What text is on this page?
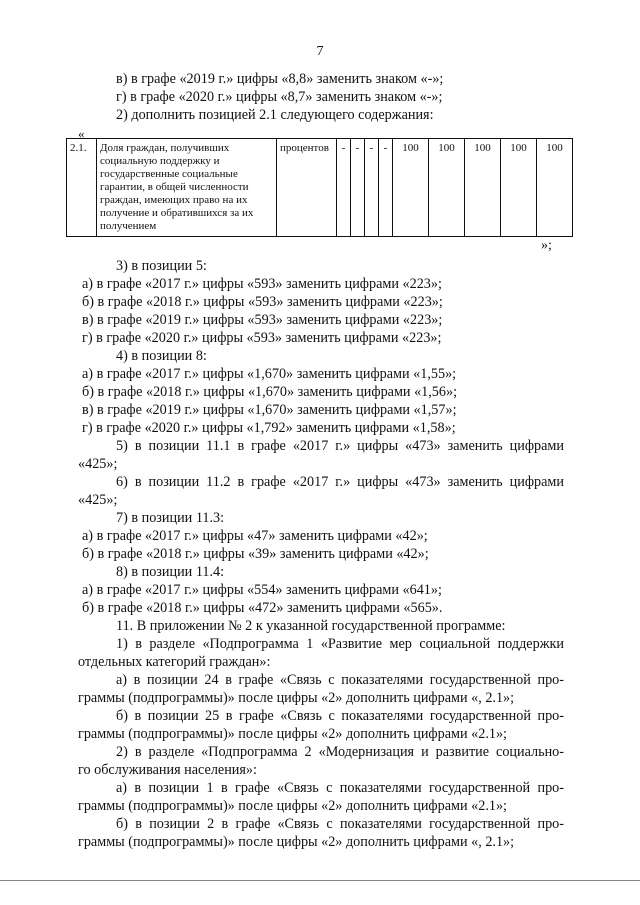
7
в) в графе «2019 г.» цифры «8,8» заменить знаком «-»;
г) в графе «2020 г.» цифры «8,7» заменить знаком «-»;
2) дополнить позицией 2.1 следующего содержания:
«
2.1.	Доля граждан, получивших социальную поддержку и государственные социальные гарантии, в общей численности граждан, имеющих право на их получение и обратившихся за их получением	процентов	-	-	-	-	100	100	100	100	100
»;
3) в позиции 5:
а) в графе «2017 г.» цифры «593» заменить цифрами «223»;
б) в графе «2018 г.» цифры «593» заменить цифрами «223»;
в) в графе «2019 г.» цифры «593» заменить цифрами «223»;
г) в графе «2020 г.» цифры «593» заменить цифрами «223»;
4) в позиции 8:
а) в графе «2017 г.» цифры «1,670» заменить цифрами «1,55»;
б) в графе «2018 г.» цифры «1,670» заменить цифрами «1,56»;
в) в графе «2019 г.» цифры «1,670» заменить цифрами «1,57»;
г) в графе «2020 г.» цифры «1,792» заменить цифрами «1,58»;
5) в позиции 11.1 в графе «2017 г.» цифры «473» заменить цифрами
«425»;
6) в позиции 11.2 в графе «2017 г.» цифры «473» заменить цифрами
«425»;
7) в позиции 11.3:
а) в графе «2017 г.» цифры «47» заменить цифрами «42»;
б) в графе «2018 г.» цифры «39» заменить цифрами «42»;
8) в позиции 11.4:
а) в графе «2017 г.» цифры «554» заменить цифрами «641»;
б) в графе «2018 г.» цифры «472» заменить цифрами «565».
11. В приложении № 2 к указанной государственной программе:
1) в разделе «Подпрограмма 1 «Развитие мер социальной поддержки
отдельных категорий граждан»:
а) в позиции 24 в графе «Связь с показателями государственной про-
граммы (подпрограммы)» после цифры «2» дополнить цифрами «, 2.1»;
б) в позиции 25 в графе «Связь с показателями государственной про-
граммы (подпрограммы)» после цифры «2» дополнить цифрами «2.1»;
2) в разделе «Подпрограмма 2 «Модернизация и развитие социально-
го обслуживания населения»:
а) в позиции 1 в графе «Связь с показателями государственной про-
граммы (подпрограммы)» после цифры «2» дополнить цифрами «2.1»;
б) в позиции 2 в графе «Связь с показателями государственной про-
граммы (подпрограммы)» после цифры «2» дополнить цифрами «, 2.1»;
